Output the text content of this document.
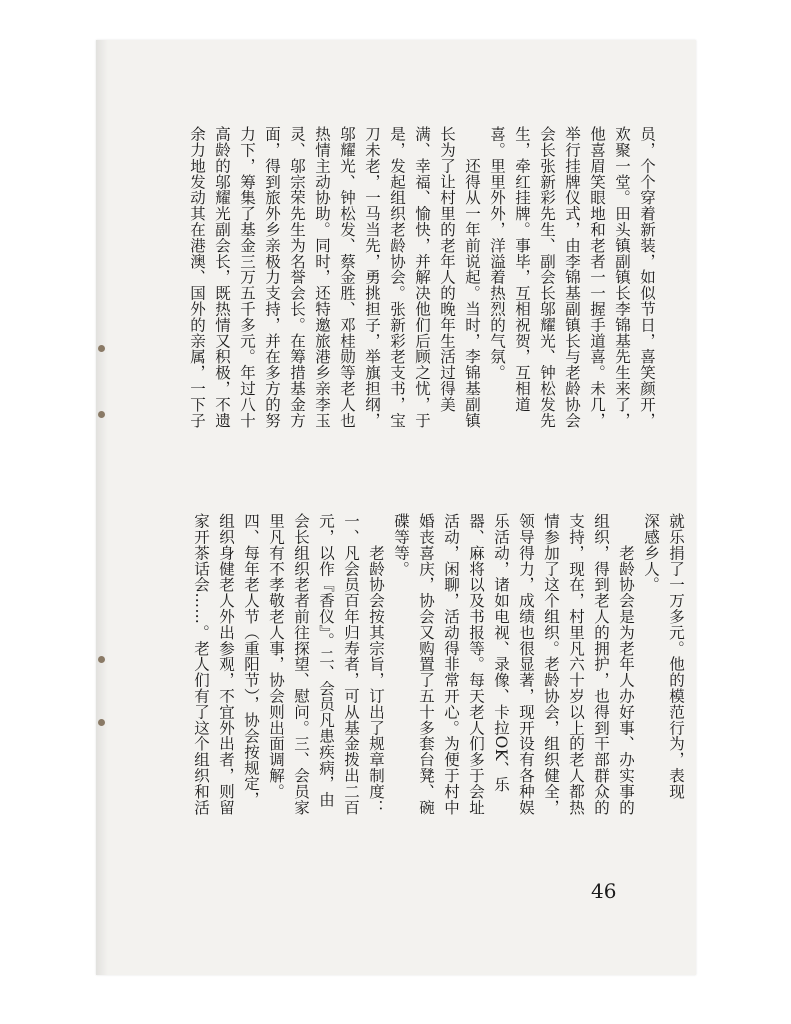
员，个个穿着新装，如似节日，喜笑颜开，

欢聚一堂。田头镇副镇长李锦基先生来了，

他喜眉笑眼地和老者一一握手道喜。未几，

举行挂牌仪式，由李锦基副镇长与老龄协会

会长张新彩先生、副会长邬耀光、钟松发先

生，牵红挂牌。事毕，互相祝贺，互相道

喜。里里外外，洋溢着热烈的气氛。

　　还得从一年前说起。当时，李锦基副镇

长为了让村里的老年人的晚年生活过得美

满、幸福、愉快，并解决他们后顾之忧，于

是，发起组织老龄协会。张新彩老支书，宝

刀未老，一马当先，勇挑担子，举旗担纲，

邬耀光、钟松发、蔡金胜、邓桂勋等老人也

热情主动协助。同时，还特邀旅港乡亲李玉

灵、邬宗荣先生为名誉会长。在筹措基金方

面，得到旅外乡亲极力支持，并在多方的努

力下，筹集了基金三万五千多元。年过八十

高龄的邬耀光副会长，既热情又积极，不遗

余力地发动其在港澳、国外的亲属，一下子

就乐捐了一万多元。他的模范行为，表现

深感乡人。

　　老龄协会是为老年人办好事、办实事的

组织，得到老人的拥护，也得到干部群众的

支持，现在，村里凡六十岁以上的老人都热

情参加了这个组织。老龄协会，组织健全，

领导得力，成绩也很显著，现开设有各种娱

乐活动，诸如电视、录像、卡拉OK、乐

器、麻将以及书报等。每天老人们多于会址

活动，闲聊，活动得非常开心。为便于村中

婚丧喜庆，协会又购置了五十多套台凳、碗

碟等等。

　　老龄协会按其宗旨，订出了规章制度：

一、凡会员百年归寿者，可从基金拨出二百

元，以作『香仪』。二、会员凡患疾病，由

会长组织老者前往探望、慰问。三、会员家

里凡有不孝敬老人事，协会则出面调解。

四、每年老人节（重阳节），协会按规定，

组织身健老人外出参观，不宜外出者，则留

家开茶话会……。老人们有了这个组织和活

46
